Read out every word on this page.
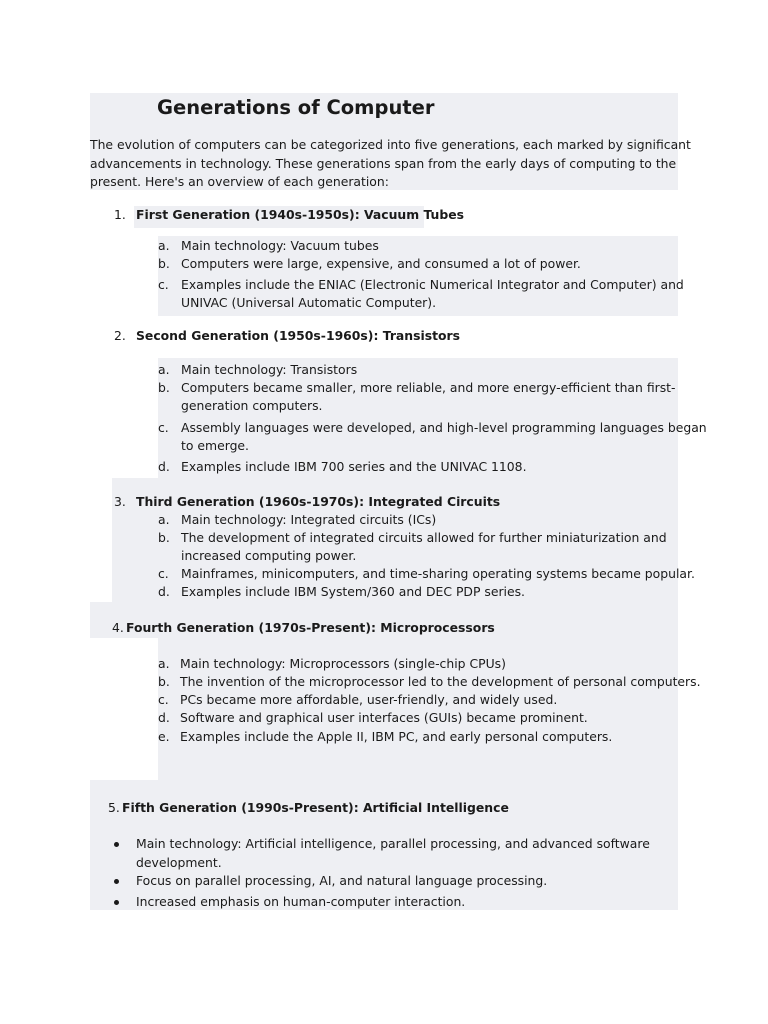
Generations of Computer
The evolution of computers can be categorized into five generations, each marked by significant
advancements in technology. These generations span from the early days of computing to the
present. Here's an overview of each generation:
1. First Generation (1940s-1950s): Vacuum Tubes
a. Main technology: Vacuum tubes
b. Computers were large, expensive, and consumed a lot of power.
c. Examples include the ENIAC (Electronic Numerical Integrator and Computer) and
UNIVAC (Universal Automatic Computer).
2. Second Generation (1950s-1960s): Transistors
a. Main technology: Transistors
b. Computers became smaller, more reliable, and more energy-efficient than first-
generation computers.
c. Assembly languages were developed, and high-level programming languages began
to emerge.
d. Examples include IBM 700 series and the UNIVAC 1108.
3. Third Generation (1960s-1970s): Integrated Circuits
a. Main technology: Integrated circuits (ICs)
b. The development of integrated circuits allowed for further miniaturization and
increased computing power.
c. Mainframes, minicomputers, and time-sharing operating systems became popular.
d. Examples include IBM System/360 and DEC PDP series.
4. Fourth Generation (1970s-Present): Microprocessors
a. Main technology: Microprocessors (single-chip CPUs)
b. The invention of the microprocessor led to the development of personal computers.
c. PCs became more affordable, user-friendly, and widely used.
d. Software and graphical user interfaces (GUIs) became prominent.
e. Examples include the Apple II, IBM PC, and early personal computers.
5. Fifth Generation (1990s-Present): Artificial Intelligence
Main technology: Artificial intelligence, parallel processing, and advanced software
development.
Focus on parallel processing, AI, and natural language processing.
Increased emphasis on human-computer interaction.
